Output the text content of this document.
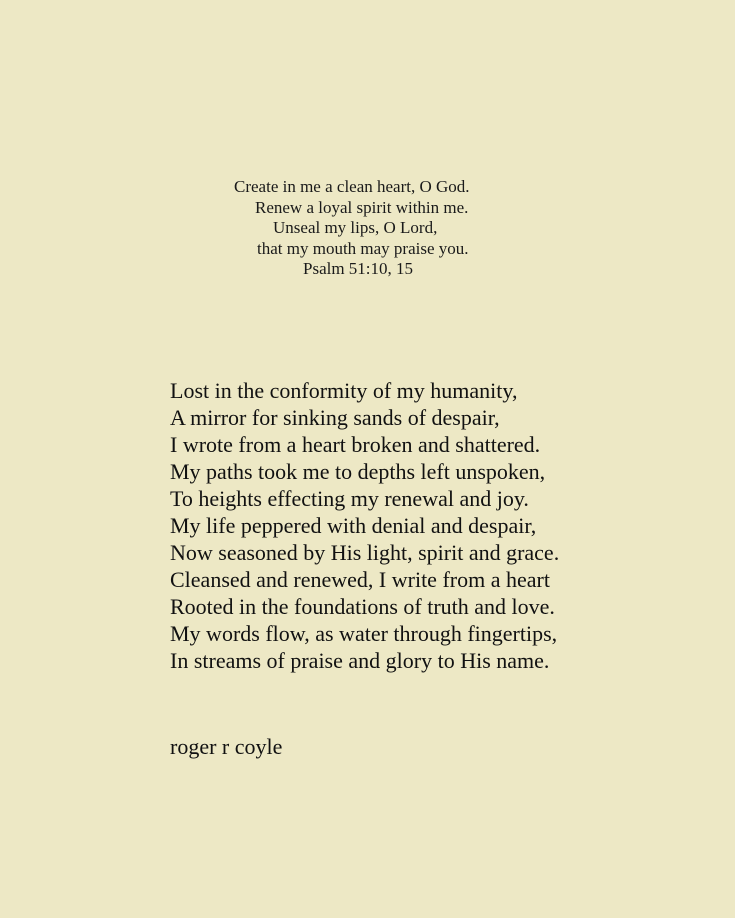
Create in me a clean heart, O God.
Renew a loyal spirit within me.
Unseal my lips, O Lord,
that my mouth may praise you.
Psalm 51:10, 15
Lost in the conformity of my humanity,
A mirror for sinking sands of despair,
I wrote from a heart broken and shattered.
My paths took me to depths left unspoken,
To heights effecting my renewal and joy.
My life peppered with denial and despair,
Now seasoned by His light, spirit and grace.
Cleansed and renewed, I write from a heart
Rooted in the foundations of truth and love.
My words flow, as water through fingertips,
In streams of praise and glory to His name.
roger r coyle
